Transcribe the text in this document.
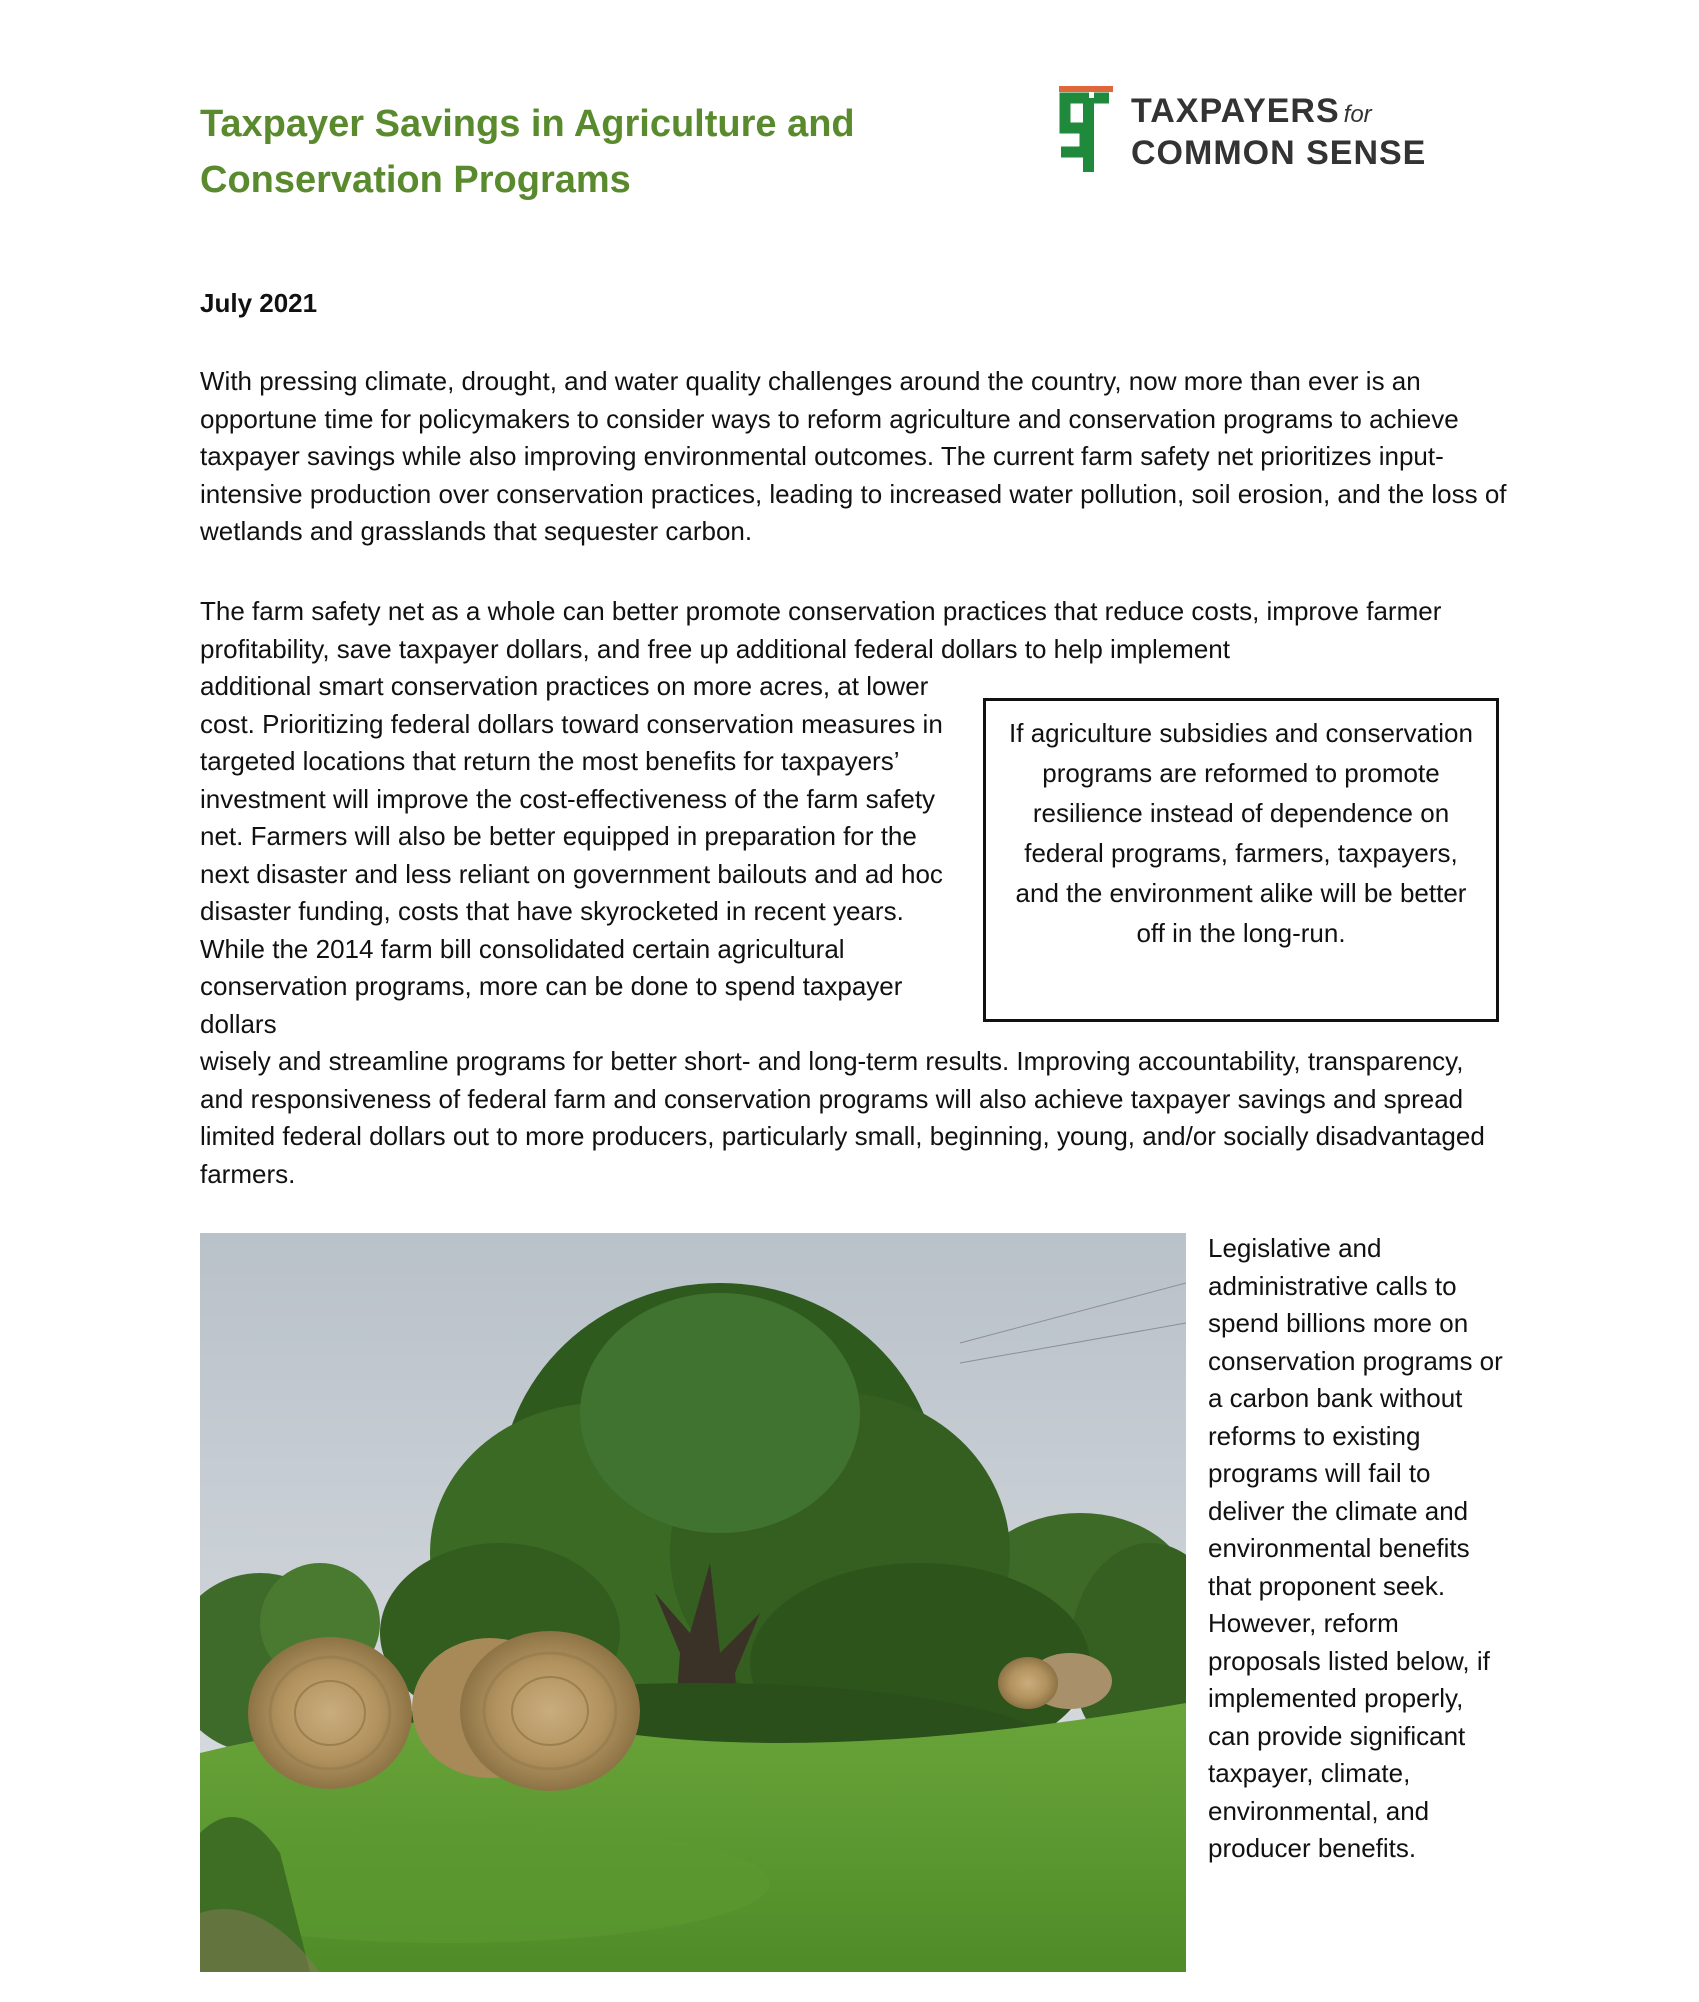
Taxpayer Savings in Agriculture and
Conservation Programs
TAXPAYERS for
COMMON SENSE
July 2021

With pressing climate, drought, and water quality challenges around the country, now more than ever is an opportune time for policymakers to consider ways to reform agriculture and conservation programs to achieve taxpayer savings while also improving environmental outcomes. The current farm safety net prioritizes input-intensive production over conservation practices, leading to increased water pollution, soil erosion, and the loss of wetlands and grasslands that sequester carbon.

The farm safety net as a whole can better promote conservation practices that reduce costs, improve farmer profitability, save taxpayer dollars, and free up additional federal dollars to help implement

additional smart conservation practices on more acres, at lower cost. Prioritizing federal dollars toward conservation measures in targeted locations that return the most benefits for taxpayers’ investment will improve the cost-effectiveness of the farm safety net. Farmers will also be better equipped in preparation for the next disaster and less reliant on government bailouts and ad hoc disaster funding, costs that have skyrocketed in recent years. While the 2014 farm bill consolidated certain agricultural conservation programs, more can be done to spend taxpayer dollars

wisely and streamline programs for better short- and long-term results. Improving accountability, transparency, and responsiveness of federal farm and conservation programs will also achieve taxpayer savings and spread limited federal dollars out to more producers, particularly small, beginning, young, and/or socially disadvantaged farmers.

If agriculture subsidies and conservation programs are reformed to promote resilience instead of dependence on federal programs, farmers, taxpayers, and the environment alike will be better off in the long-run.

Legislative and administrative calls to spend billions more on conservation programs or a carbon bank without reforms to existing programs will fail to deliver the climate and environmental benefits that proponent seek. However, reform proposals listed below, if implemented properly, can provide significant taxpayer, climate, environmental, and producer benefits.
